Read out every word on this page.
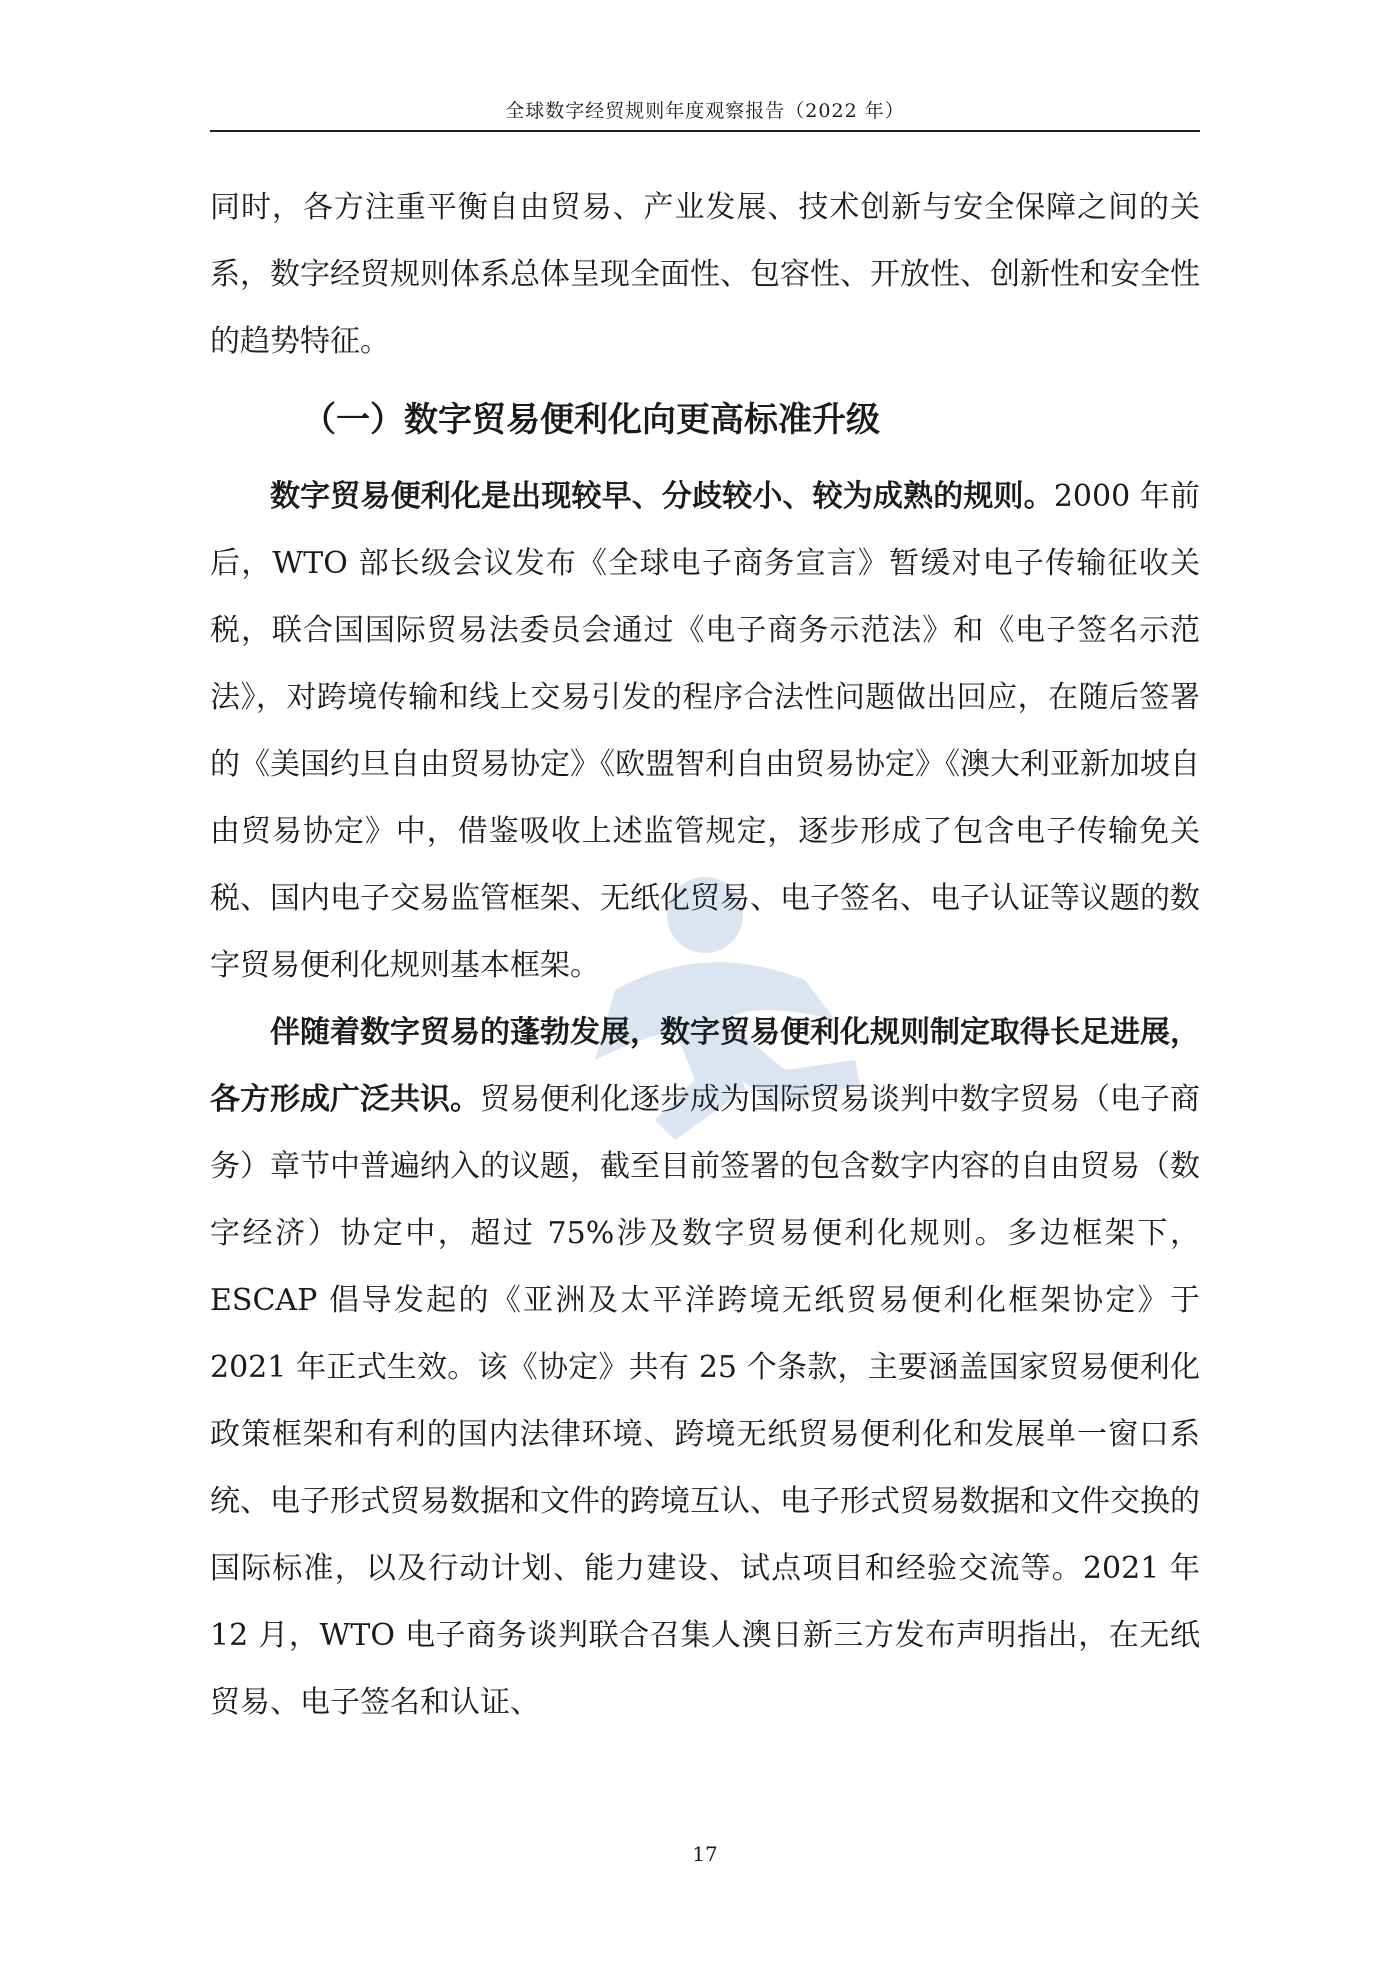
全球数字经贸规则年度观察报告（2022 年）

同时，各方注重平衡自由贸易、产业发展、技术创新与安全保障之间的关系，数字经贸规则体系总体呈现全面性、包容性、开放性、创新性和安全性的趋势特征。

（一）数字贸易便利化向更高标准升级

数字贸易便利化是出现较早、分歧较小、较为成熟的规则。2000 年前后，WTO 部长级会议发布《全球电子商务宣言》暂缓对电子传输征收关税，联合国国际贸易法委员会通过《电子商务示范法》和《电子签名示范法》，对跨境传输和线上交易引发的程序合法性问题做出回应，在随后签署的《美国约旦自由贸易协定》《欧盟智利自由贸易协定》《澳大利亚新加坡自由贸易协定》中，借鉴吸收上述监管规定，逐步形成了包含电子传输免关税、国内电子交易监管框架、无纸化贸易、电子签名、电子认证等议题的数字贸易便利化规则基本框架。

伴随着数字贸易的蓬勃发展，数字贸易便利化规则制定取得长足进展，各方形成广泛共识。贸易便利化逐步成为国际贸易谈判中数字贸易（电子商务）章节中普遍纳入的议题，截至目前签署的包含数字内容的自由贸易（数字经济）协定中，超过 75%涉及数字贸易便利化规则。多边框架下，ESCAP 倡导发起的《亚洲及太平洋跨境无纸贸易便利化框架协定》于 2021 年正式生效。该《协定》共有 25 个条款，主要涵盖国家贸易便利化政策框架和有利的国内法律环境、跨境无纸贸易便利化和发展单一窗口系统、电子形式贸易数据和文件的跨境互认、电子形式贸易数据和文件交换的国际标准，以及行动计划、能力建设、试点项目和经验交流等。2021 年 12 月，WTO 电子商务谈判联合召集人澳日新三方发布声明指出，在无纸贸易、电子签名和认证、

17
